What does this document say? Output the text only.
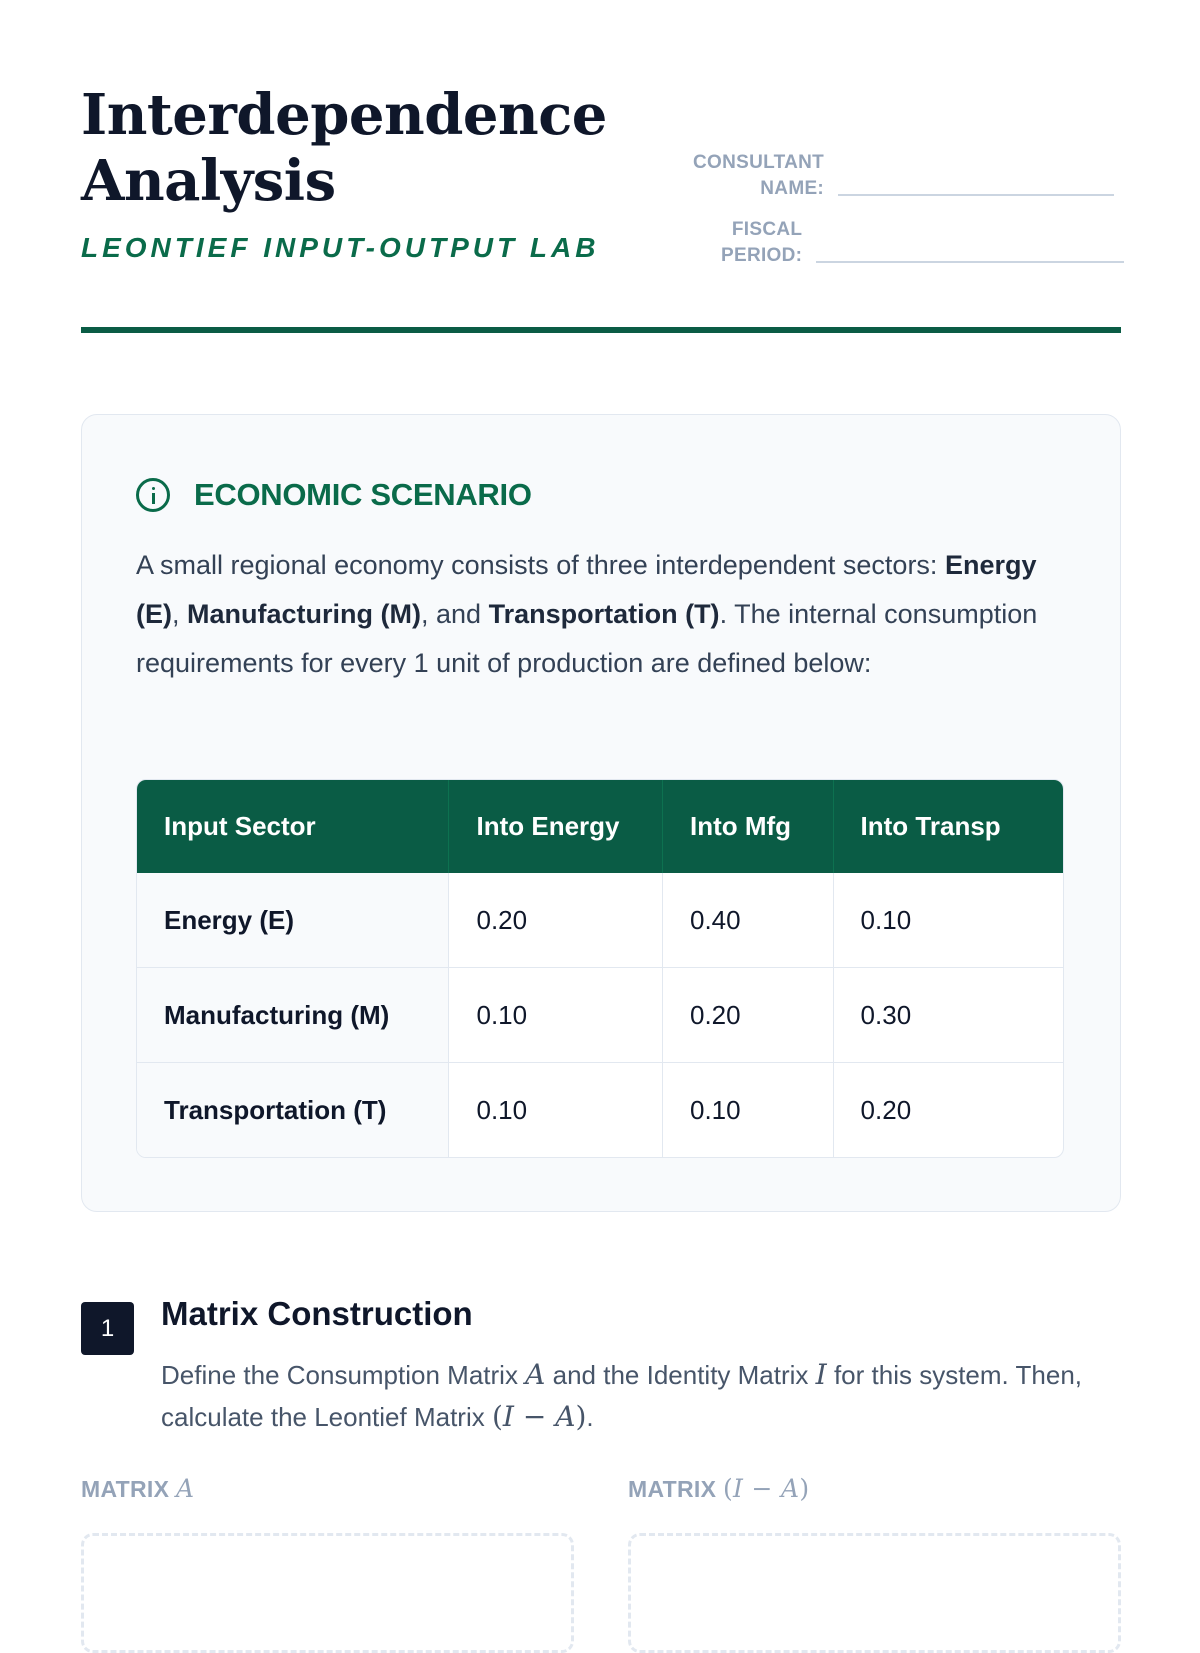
Interdependence
Analysis
LEONTIEF INPUT-OUTPUT LAB
CONSULTANT
NAME:
FISCAL
PERIOD:
ECONOMIC SCENARIO

A small regional economy consists of three interdependent sectors: Energy (E), Manufacturing (M), and Transportation (T). The internal consumption requirements for every 1 unit of production are defined below:

Input Sector	Into Energy	Into Mfg	Into Transp
Energy (E)	0.20	0.40	0.10
Manufacturing (M)	0.10	0.20	0.30
Transportation (T)	0.10	0.10	0.20
1	Matrix Construction

Define the Consumption Matrix A and the Identity Matrix I for this system. Then, calculate the Leontief Matrix (I − A).

MATRIX A	MATRIX (I − A)
